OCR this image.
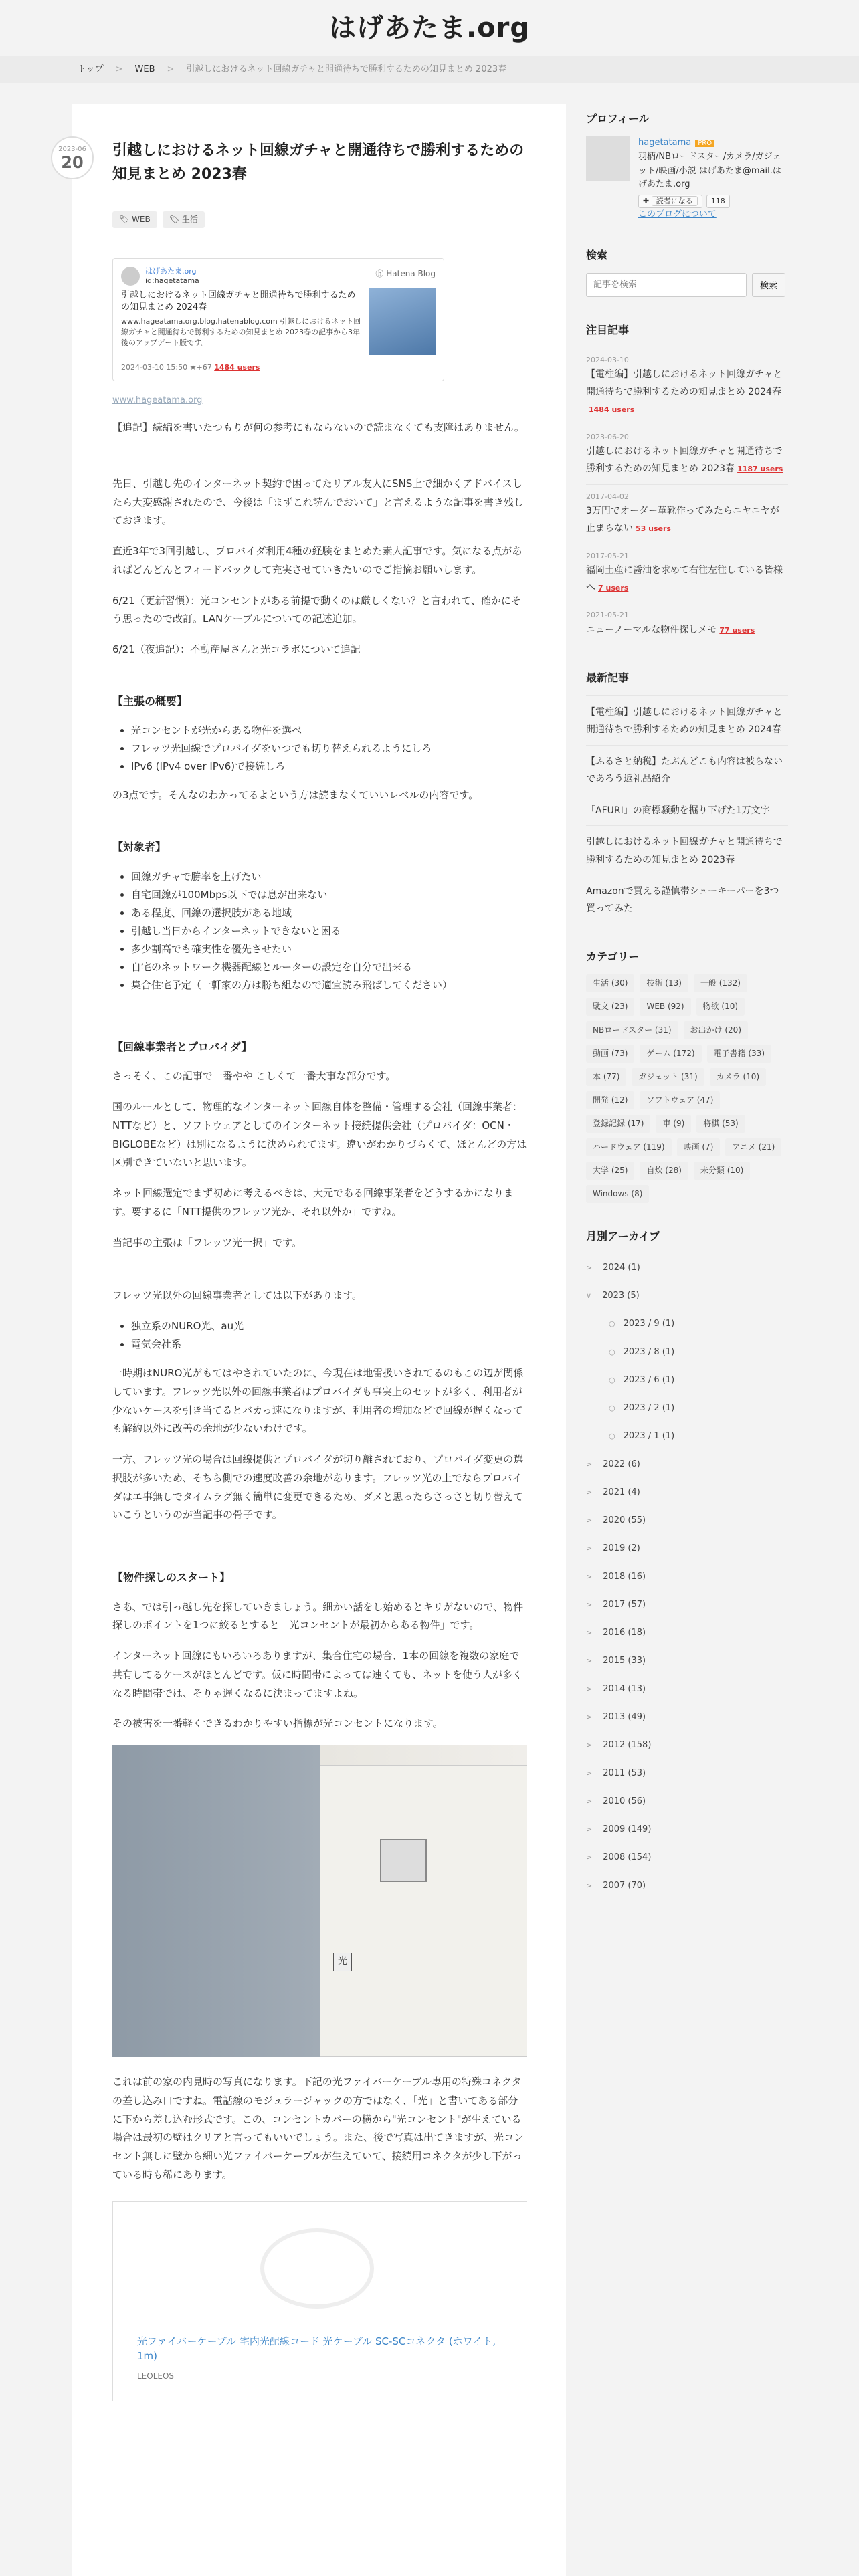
はげあたま.org
トップ > WEB > 引越しにおけるネット回線ガチャと開通待ちで勝利するための知見まとめ 2023春
2023-06
20
引越しにおけるネット回線ガチャと開通待ちで勝利するための知見まとめ 2023春
🏷 WEB	🏷 生活
はげあたま.org
id:hagetatama
ⓗ Hatena Blog
引越しにおけるネット回線ガチャと開通待ちで勝利するための知見まとめ 2024春
www.hageatama.org.blog.hatenablog.com 引越しにおけるネット回線ガチャと開通待ちで勝利するための知見まとめ 2023春の記事から3年後のアップデート版です。
2024-03-10 15:50 ★+67 1484 users
www.hageatama.org

【追記】続編を書いたつもりが何の参考にもならないので読まなくても支障はありません。

先日、引越し先のインターネット契約で困ってたリアル友人にSNS上で細かくアドバイスしたら大変感謝されたので、今後は「まずこれ読んでおいて」と言えるような記事を書き残しておきます。

直近3年で3回引越し、プロバイダ利用4種の経験をまとめた素人記事です。気になる点があればどんどんとフィードバックして充実させていきたいのでご指摘お願いします。

6/21（更新習慣）：光コンセントがある前提で動くのは厳しくない？と言われて、確かにそう思ったので改訂。LANケーブルについての記述追加。

6/21（夜追記）：不動産屋さんと光コラボについて追記

【主張の概要】
• 光コンセントが光からある物件を選べ
• フレッツ光回線でプロバイダをいつでも切り替えられるようにしろ
• IPv6 (IPv4 over IPv6)で接続しろ

の3点です。そんなのわかってるよという方は読まなくていいレベルの内容です。

【対象者】
• 回線ガチャで勝率を上げたい
• 自宅回線が100Mbps以下では息が出来ない
• ある程度、回線の選択肢がある地域
• 引越し当日からインターネットできないと困る
• 多少割高でも確実性を優先させたい
• 自宅のネットワーク機器配線とルーターの設定を自分で出来る
• 集合住宅予定（一軒家の方は勝ち組なので適宜読み飛ばしてください）
【回線事業者とプロバイダ】

さっそく、この記事で一番やや こしくて一番大事な部分です。

国のルールとして、物理的なインターネット回線自体を整備・管理する会社（回線事業者：NTTなど）と、ソフトウェアとしてのインターネット接続提供会社（プロバイダ：OCN・BIGLOBEなど）は別になるように決められてます。違いがわかりづらくて、ほとんどの方は区別できていないと思います。

ネット回線選定でまず初めに考えるべきは、大元である回線事業者をどうするかになります。要するに「NTT提供のフレッツ光か、それ以外か」ですね。

当記事の主張は「フレッツ光一択」です。

フレッツ光以外の回線事業者としては以下があります。

• 独立系のNURO光、au光
• 電気会社系

一時期はNURO光がもてはやされていたのに、今現在は地雷扱いされてるのもこの辺が関係しています。フレッツ光以外の回線事業者はプロバイダも事実上のセットが多く、利用者が少ないケースを引き当てるとバカっ速になりますが、利用者の増加などで回線が遅くなっても解約以外に改善の余地が少ないわけです。

一方、フレッツ光の場合は回線提供とプロバイダが切り離されており、プロバイダ変更の選択肢が多いため、そちら側での速度改善の余地があります。フレッツ光の上でならプロバイダはエ事無しでタイムラグ無く簡単に変更できるため、ダメと思ったらさっさと切り替えていこうというのが当記事の骨子です。

【物件探しのスタート】

さあ、では引っ越し先を探していきましょう。細かい話をし始めるとキリがないので、物件探しのポイントを1つに絞るとすると「光コンセントが最初からある物件」です。

インターネット回線にもいろいろありますが、集合住宅の場合、1本の回線を複数の家庭で共有してるケースがほとんどです。仮に時間帯によっては速くても、ネットを使う人が多くなる時間帯では、そりゃ遅くなるに決まってますよね。

その被害を一番軽くできるわかりやすい指標が光コンセントになります。

光

これは前の家の内見時の写真になります。下記の光ファイバーケーブル専用の特殊コネクタの差し込み口ですね。電話線のモジュラージャックの方ではなく、「光」と書いてある部分に下から差し込む形式です。この、コンセントカバーの横から"光コンセント"が生えている場合は最初の壁はクリアと言ってもいいでしょう。また、後で写真は出てきますが、光コンセント無しに壁から細い光ファイバーケーブルが生えていて、接続用コネクタが少し下がっている時も稀にあります。

光ファイバーケーブル 宅内光配線コード 光ケーブル SC-SCコネクタ (ホワイト, 1m)
LEOLEOS
プロフィール
hagetatama PRO
羽柄/NBロードスター/カメラ/ガジェット/映画/小説 はげあたま@mail.はげあたま.org
✚ 読者になる	118
このブログについて
検索
記事を検索
検索
注目記事
2024-03-10
【電柱編】引越しにおけるネット回線ガチャと開通待ちで勝利するための知見まとめ 2024春1484 users
2023-06-20
引越しにおけるネット回線ガチャと開通待ちで勝利するための知見まとめ 2023春 1187 users
2017-04-02
3万円でオーダー革靴作ってみたらニヤニヤが止まらない 53 users
2017-05-21
福岡土産に醤油を求めて右往左往している皆様へ 7 users
2021-05-21
ニューノーマルな物件探しメモ 77 users
最新記事
【電柱編】引越しにおけるネット回線ガチャと開通待ちで勝利するための知見まとめ 2024春
【ふるさと納税】たぶんどこも内容は被らないであろう返礼品紹介
「AFURI」の商標騒動を掘り下げた1万文字
引越しにおけるネット回線ガチャと開通待ちで勝利するための知見まとめ 2023春
Amazonで買える謹慎帯シューキーパーを3つ買ってみた
カテゴリー
生活 (30)	技術 (13)	一般 (132)
駄文 (23)	WEB (92)	物欲 (10)
NBロードスター (31)	お出かけ (20)
動画 (73)	ゲーム (172)	電子書籍 (33)
本 (77)	ガジェット (31)	カメラ (10)
開発 (12)	ソフトウェア (47)
登録記録 (17)	車 (9)	将棋 (53)
ハードウェア (119)	映画 (7)	アニメ (21)
大学 (25)	自炊 (28)	未分類 (10)
Windows (8)
月別アーカイブ
> 2024 (1)
∨ 2023 (5)
○ 2023 / 9 (1)
○ 2023 / 8 (1)
○ 2023 / 6 (1)
○ 2023 / 2 (1)
○ 2023 / 1 (1)
> 2022 (6)
> 2021 (4)
> 2020 (55)
> 2019 (2)
> 2018 (16)
> 2017 (57)
> 2016 (18)
> 2015 (33)
> 2014 (13)
> 2013 (49)
> 2012 (158)
> 2011 (53)
> 2010 (56)
> 2009 (149)
> 2008 (154)
> 2007 (70)
